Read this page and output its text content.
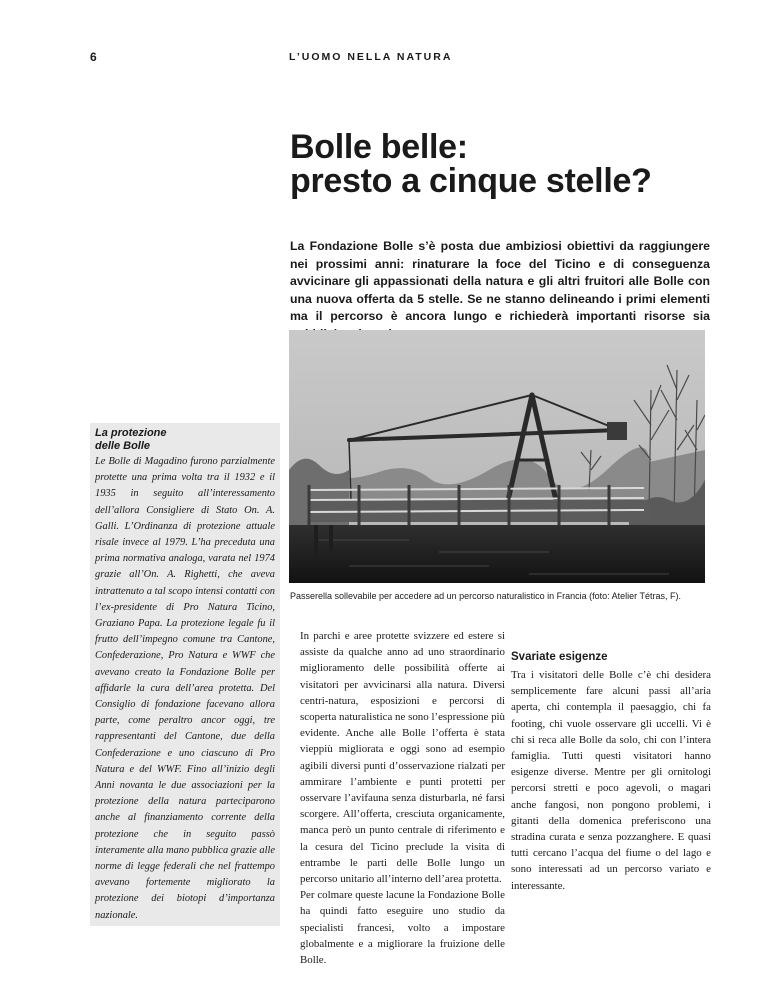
6	L’UOMO NELLA NATURA
Bolle belle:
presto a cinque stelle?

La Fondazione Bolle s’è posta due ambiziosi obiettivi da raggiungere nei prossimi anni: rinaturare la foce del Ticino e di conseguenza avvicinare gli appassionati della natura e gli altri fruitori alle Bolle con una nuova offerta da 5 stelle. Se ne stanno delineando i primi elementi ma il percorso è ancora lungo e richiederà importanti risorse sia

Passerella sollevabile per accedere ad un percorso naturalistico in Francia (foto: Atelier Tétras, F).
La protezione
delle Bolle

Le Bolle di Magadino furono parzialmente protette una prima volta tra il 1932 e il 1935 in seguito all’interessamento dell’allora Consigliere di Stato On. A. Galli. L’Ordinanza di protezione attuale risale invece al 1979. L’ha preceduta una prima normativa analoga, varata nel 1974 grazie all’On. A. Righetti, che aveva intrattenuto a tal scopo intensi contatti con l’ex-presidente di Pro Natura Ticino, Graziano Papa. La protezione legale fu il frutto dell’impegno comune tra Cantone, Confederazione, Pro Natura e WWF che avevano creato la Fondazione Bolle per affidarle la cura dell’area protetta. Del Consiglio di fondazione facevano allora parte, come peraltro ancor oggi, tre rappresentanti del Cantone, due della Confederazione e uno ciascuno di Pro Natura e del WWF. Fino all’inizio degli Anni novanta le due associazioni per la protezione della natura parteciparono anche al finanziamento corrente della protezione che in seguito passò interamente alla mano pubblica grazie alle norme di legge federali che nel frattempo avevano fortemente migliorato la protezione dei biotopi d’importanza nazionale.

In parchi e aree protette svizzere ed estere si assiste da qualche anno ad uno straordinario miglioramento delle possibilità offerte ai visitatori per avvicinarsi alla natura. Diversi centri-natura, esposizioni e percorsi di scoperta naturalistica ne sono l’espressione più evidente. Anche alle Bolle l’offerta è stata vieppiù migliorata e oggi sono ad esempio agibili diversi punti d’osservazione rialzati per ammirare l’ambiente e punti protetti per osservare l’avifauna senza disturbarla, né farsi scorgere. All’offerta, cresciuta organicamente, manca però un punto centrale di riferimento e la cesura del Ticino preclude la visita di entrambe le parti delle Bolle lungo un percorso unitario all’interno dell’area protetta.

Per colmare queste lacune la Fondazione Bolle ha quindi fatto eseguire uno studio da specialisti francesi, volto a impostare globalmente e a migliorare la fruizione delle Bolle.

Svariate esigenze

Tra i visitatori delle Bolle c’è chi desidera semplicemente fare alcuni passi all’aria aperta, chi contempla il paesaggio, chi fa footing, chi vuole osservare gli uccelli. Vi è chi si reca alle Bolle da solo, chi con l’intera famiglia. Tutti questi visitatori hanno esigenze diverse. Mentre per gli ornitologi percorsi stretti e poco agevoli, o magari anche fangosi, non pongono problemi, i gitanti della domenica preferiscono una stradina curata e senza pozzanghere. E quasi tutti cercano l’acqua del fiume o del lago e sono interessati ad un percorso variato e interessante.
